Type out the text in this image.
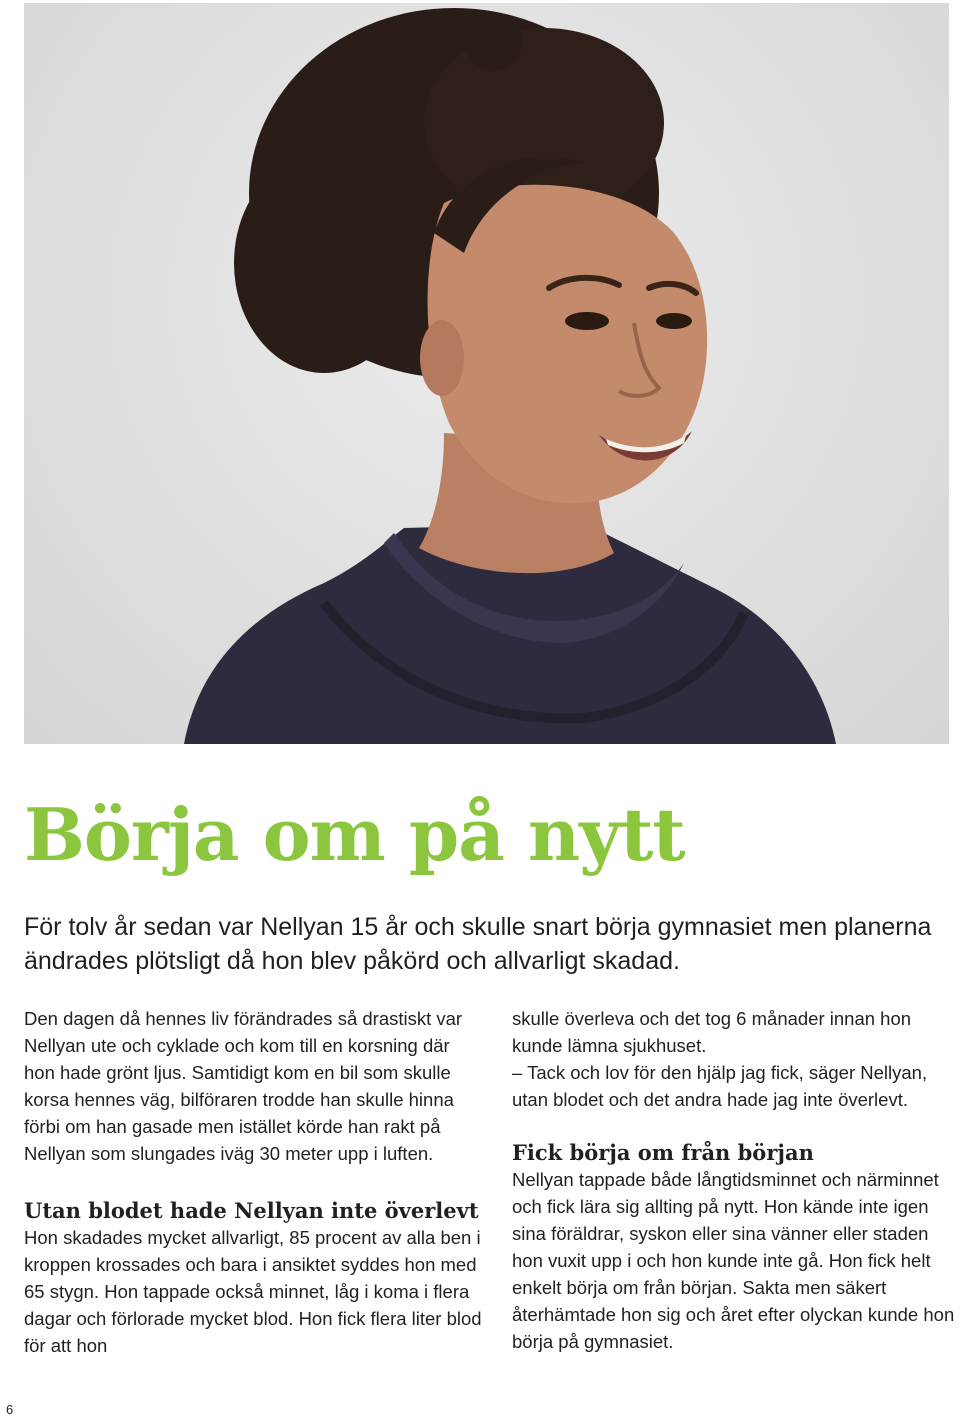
Börja om på nytt

För tolv år sedan var Nellyan 15 år och skulle snart börja gymnasiet men planerna ändrades plötsligt då hon blev påkörd och allvarligt skadad.

Den dagen då hennes liv förändrades så drastiskt var Nellyan ute och cyklade och kom till en korsning där hon hade grönt ljus. Samtidigt kom en bil som skulle korsa hennes väg, bilföraren trodde han skulle hinna förbi om han gasade men istället körde han rakt på Nellyan som slungades iväg 30 meter upp i luften.

Utan blodet hade Nellyan inte överlevt

Hon skadades mycket allvarligt, 85 procent av alla ben i kroppen krossades och bara i ansiktet syddes hon med 65 stygn. Hon tappade också minnet, låg i koma i flera dagar och förlorade mycket blod. Hon fick flera liter blod för att hon

skulle överleva och det tog 6 månader innan hon kunde lämna sjukhuset.

– Tack och lov för den hjälp jag fick, säger Nellyan, utan blodet och det andra hade jag inte överlevt.

Fick börja om från början

Nellyan tappade både långtidsminnet och närminnet och fick lära sig allting på nytt. Hon kände inte igen sina föräldrar, syskon eller sina vänner eller staden hon vuxit upp i och hon kunde inte gå. Hon fick helt enkelt börja om från början. Sakta men säkert återhämtade hon sig och året efter olyckan kunde hon börja på gymnasiet.

6
